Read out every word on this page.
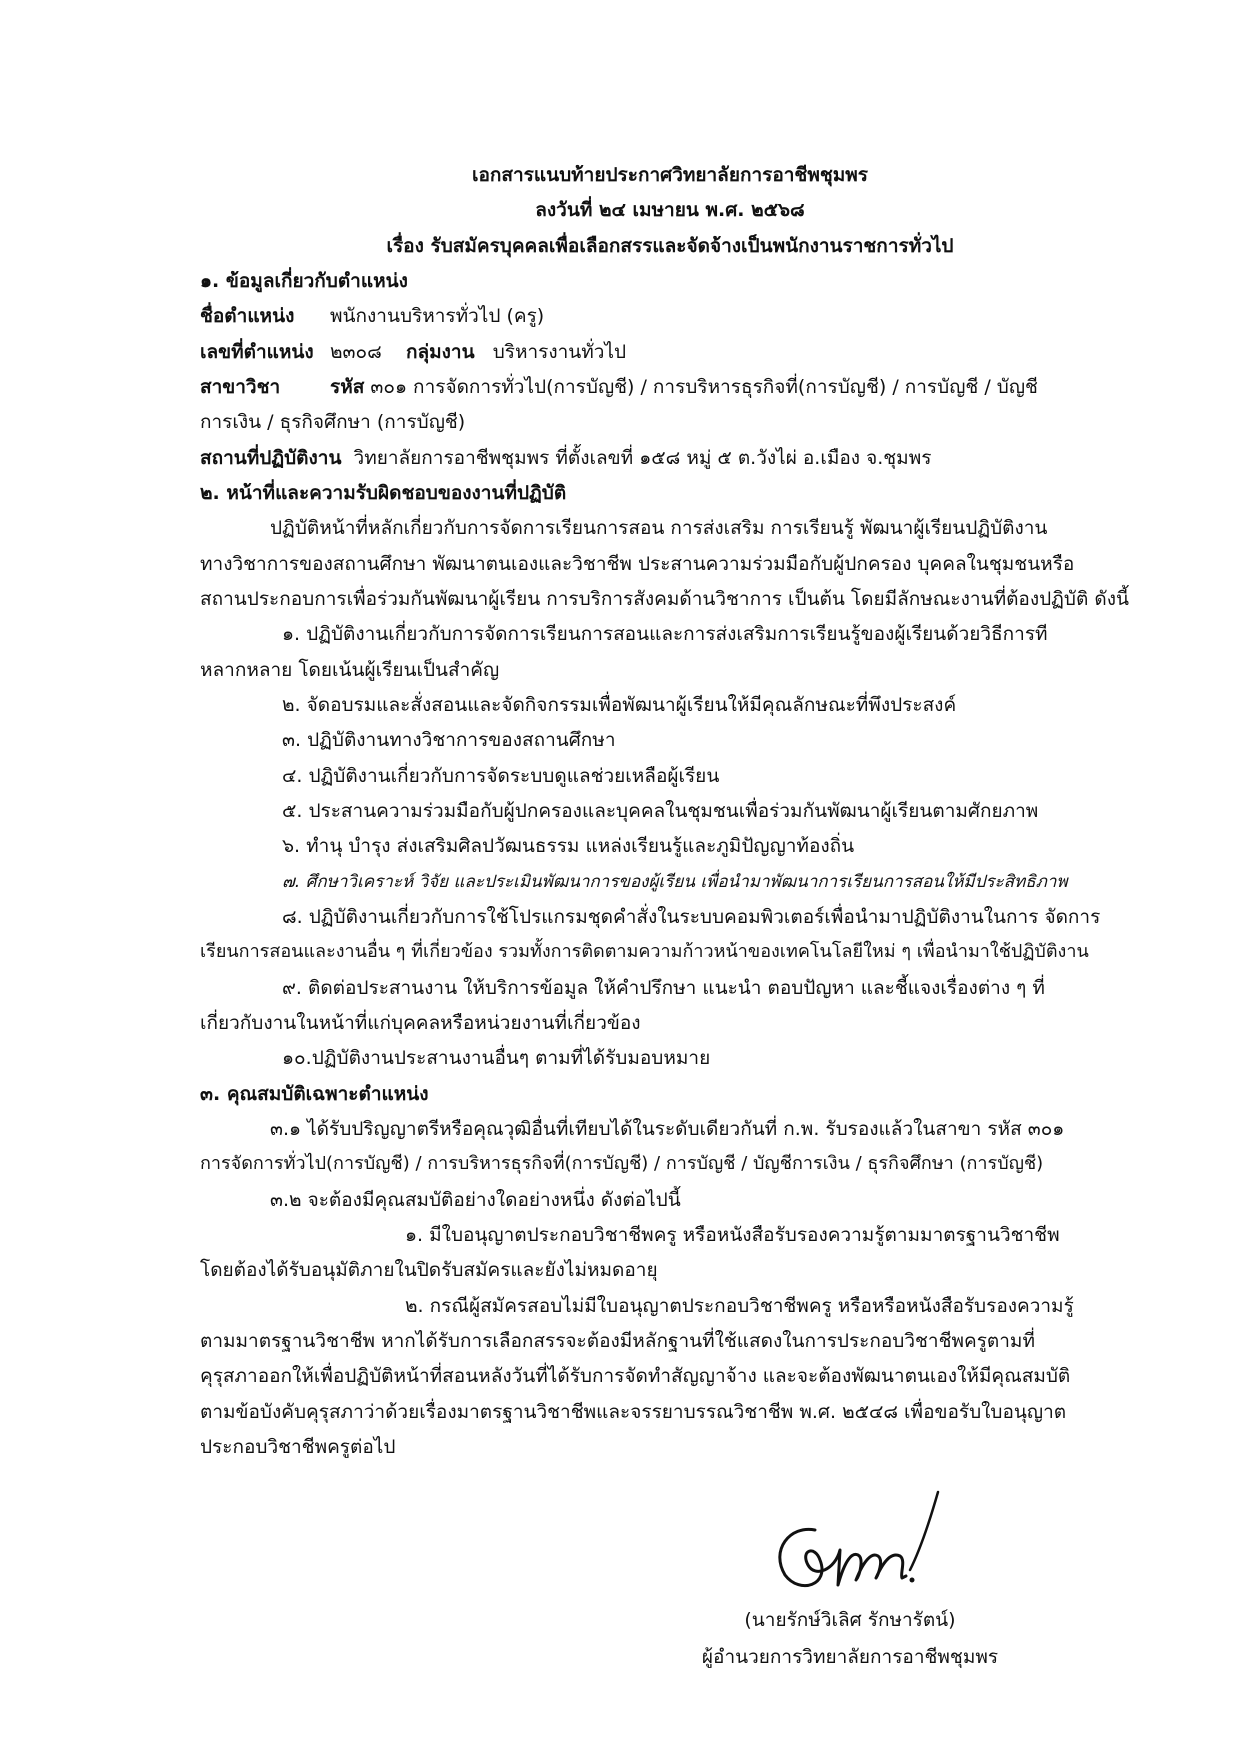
เอกสารแนบท้ายประกาศวิทยาลัยการอาชีพชุมพร
ลงวันที่ ๒๔ เมษายน พ.ศ. ๒๕๖๘
เรื่อง รับสมัครบุคคลเพื่อเลือกสรรและจัดจ้างเป็นพนักงานราชการทั่วไป
๑. ข้อมูลเกี่ยวกับตำแหน่ง
ชื่อตำแหน่ง พนักงานบริหารทั่วไป (ครู)
เลขที่ตำแหน่ง ๒๓๐๘ กลุ่มงาน บริหารงานทั่วไป
สาขาวิชา	รหัส ๓๐๑ การจัดการทั่วไป(การบัญชี) / การบริหารธุรกิจที่(การบัญชี) / การบัญชี / บัญชี
การเงิน / ธุรกิจศึกษา (การบัญชี)
สถานที่ปฏิบัติงาน วิทยาลัยการอาชีพชุมพร ที่ตั้งเลขที่ ๑๕๘ หมู่ ๕ ต.วังไผ่ อ.เมือง จ.ชุมพร
๒. หน้าที่และความรับผิดชอบของงานที่ปฏิบัติ
ปฏิบัติหน้าที่หลักเกี่ยวกับการจัดการเรียนการสอน การส่งเสริม การเรียนรู้ พัฒนาผู้เรียนปฏิบัติงาน
ทางวิชาการของสถานศึกษา พัฒนาตนเองและวิชาชีพ ประสานความร่วมมือกับผู้ปกครอง บุคคลในชุมชนหรือ
สถานประกอบการเพื่อร่วมกันพัฒนาผู้เรียน การบริการสังคมด้านวิชาการ เป็นต้น โดยมีลักษณะงานที่ต้องปฏิบัติ ดังนี้
๑. ปฏิบัติงานเกี่ยวกับการจัดการเรียนการสอนและการส่งเสริมการเรียนรู้ของผู้เรียนด้วยวิธีการที
หลากหลาย โดยเน้นผู้เรียนเป็นสำคัญ
๒. จัดอบรมและสั่งสอนและจัดกิจกรรมเพื่อพัฒนาผู้เรียนให้มีคุณลักษณะที่พึงประสงค์
๓. ปฏิบัติงานทางวิชาการของสถานศึกษา
๔. ปฏิบัติงานเกี่ยวกับการจัดระบบดูแลช่วยเหลือผู้เรียน
๕. ประสานความร่วมมือกับผู้ปกครองและบุคคลในชุมชนเพื่อร่วมกันพัฒนาผู้เรียนตามศักยภาพ
๖. ทำนุ บำรุง ส่งเสริมศิลปวัฒนธรรม แหล่งเรียนรู้และภูมิปัญญาท้องถิ่น
๗. ศึกษาวิเคราะห์ วิจัย และประเมินพัฒนาการของผู้เรียน เพื่อนำมาพัฒนาการเรียนการสอนให้มีประสิทธิภาพ
๘. ปฏิบัติงานเกี่ยวกับการใช้โปรแกรมชุดคำสั่งในระบบคอมพิวเตอร์เพื่อนำมาปฏิบัติงานในการ จัดการ
เรียนการสอนและงานอื่น ๆ ที่เกี่ยวข้อง รวมทั้งการติดตามความก้าวหน้าของเทคโนโลยีใหม่ ๆ เพื่อนำมาใช้ปฏิบัติงาน
๙. ติดต่อประสานงาน ให้บริการข้อมูล ให้คำปรึกษา แนะนำ ตอบปัญหา และชี้แจงเรื่องต่าง ๆ ที่
เกี่ยวกับงานในหน้าที่แก่บุคคลหรือหน่วยงานที่เกี่ยวข้อง
๑๐.ปฏิบัติงานประสานงานอื่นๆ ตามที่ได้รับมอบหมาย
๓. คุณสมบัติเฉพาะตำแหน่ง
๓.๑ ได้รับปริญญาตรีหรือคุณวุฒิอื่นที่เทียบได้ในระดับเดียวกันที่ ก.พ. รับรองแล้วในสาขา รหัส ๓๐๑
การจัดการทั่วไป(การบัญชี) / การบริหารธุรกิจที่(การบัญชี) / การบัญชี / บัญชีการเงิน / ธุรกิจศึกษา (การบัญชี)
๓.๒ จะต้องมีคุณสมบัติอย่างใดอย่างหนึ่ง ดังต่อไปนี้
๑. มีใบอนุญาตประกอบวิชาชีพครู หรือหนังสือรับรองความรู้ตามมาตรฐานวิชาชีพ
โดยต้องได้รับอนุมัติภายในปิดรับสมัครและยังไม่หมดอายุ
๒. กรณีผู้สมัครสอบไม่มีใบอนุญาตประกอบวิชาชีพครู หรือหรือหนังสือรับรองความรู้
ตามมาตรฐานวิชาชีพ หากได้รับการเลือกสรรจะต้องมีหลักฐานที่ใช้แสดงในการประกอบวิชาชีพครูตามที่
คุรุสภาออกให้เพื่อปฏิบัติหน้าที่สอนหลังวันที่ได้รับการจัดทำสัญญาจ้าง และจะต้องพัฒนาตนเองให้มีคุณสมบัติ
ตามข้อบังคับคุรุสภาว่าด้วยเรื่องมาตรฐานวิชาชีพและจรรยาบรรณวิชาชีพ พ.ศ. ๒๕๔๘ เพื่อขอรับใบอนุญาต
ประกอบวิชาชีพครูต่อไป
(นายรักษ์วิเลิศ รักษารัตน์)
ผู้อำนวยการวิทยาลัยการอาชีพชุมพร
